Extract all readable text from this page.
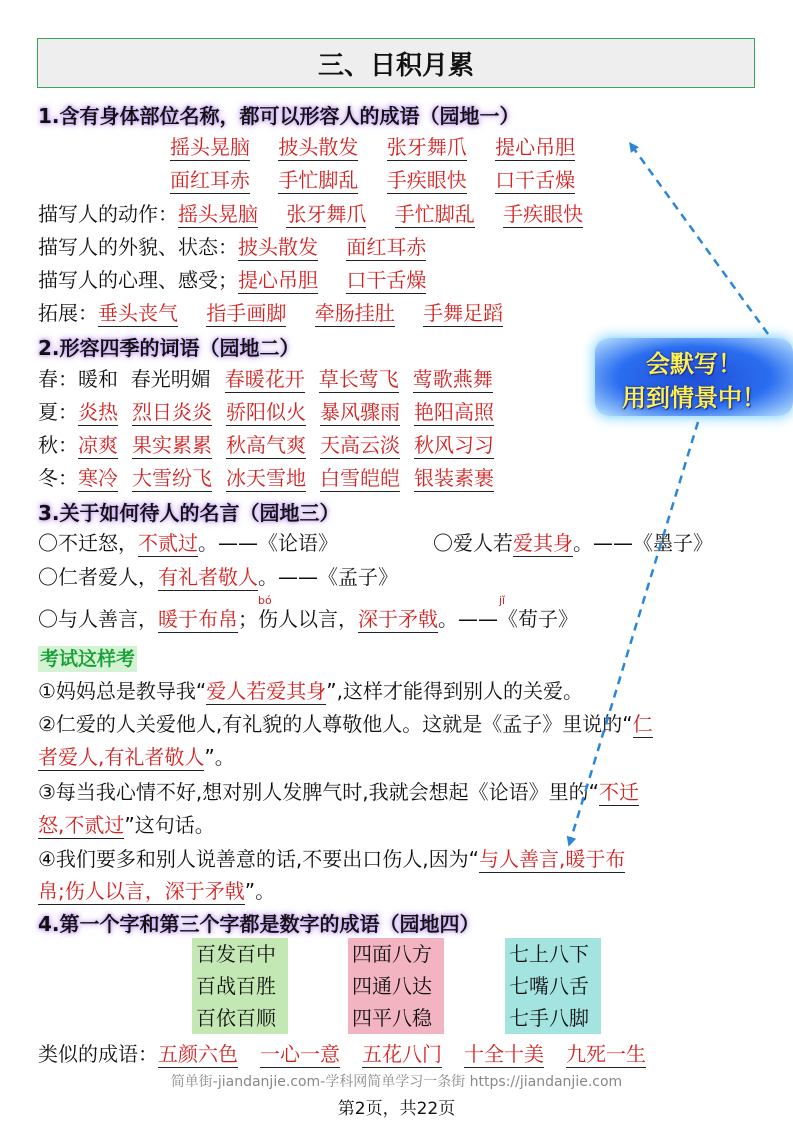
三、日积月累
1.含有身体部位名称，都可以形容人的成语（园地一）
摇头晃脑 披头散发 张牙舞爪 提心吊胆
面红耳赤 手忙脚乱 手疾眼快 口干舌燥
描写人的动作：摇头晃脑 张牙舞爪 手忙脚乱 手疾眼快
描写人的外貌、状态：披头散发 面红耳赤
描写人的心理、感受；提心吊胆 口干舌燥
拓展：垂头丧气 指手画脚 牵肠挂肚 手舞足蹈
2.形容四季的词语（园地二）
春：暖和  春光明媚 春暖花开 草长莺飞 莺歌燕舞
夏：炎热 烈日炎炎 骄阳似火 暴风骤雨 艳阳高照
秋：凉爽 果实累累 秋高气爽 天高云淡 秋风习习
冬：寒冷 大雪纷飞 冰天雪地 白雪皑皑 银装素裹
3.关于如何待人的名言（园地三）
〇不迁怒，不贰过。——《论语》	〇爱人若爱其身。——《墨子》
〇仁者爱人，有礼者敬人。——《孟子》
bó	jǐ
〇与人善言，暖于布帛；伤人以言，深于矛戟。——《荀子》
考试这样考
①妈妈总是教导我“爱人若爱其身”,这样才能得到别人的关爱。
②仁爱的人关爱他人,有礼貌的人尊敬他人。这就是《孟子》里说的“仁
者爱人,有礼者敬人”。
③每当我心情不好,想对别人发脾气时,我就会想起《论语》里的“不迁
怒,不贰过”这句话。
④我们要多和别人说善意的话,不要出口伤人,因为“与人善言,暖于布
帛;伤人以言，深于矛戟”。
4.第一个字和第三个字都是数字的成语（园地四）
百发百中
百战百胜
百依百顺
四面八方
四通八达
四平八稳
七上八下
七嘴八舌
七手八脚
类似的成语：五颜六色 一心一意 五花八门 十全十美 九死一生
会默写！
用到情景中！
简单街-jiandanjie.com-学科网简单学习一条街 https://jiandanjie.com
第2页，共22页
